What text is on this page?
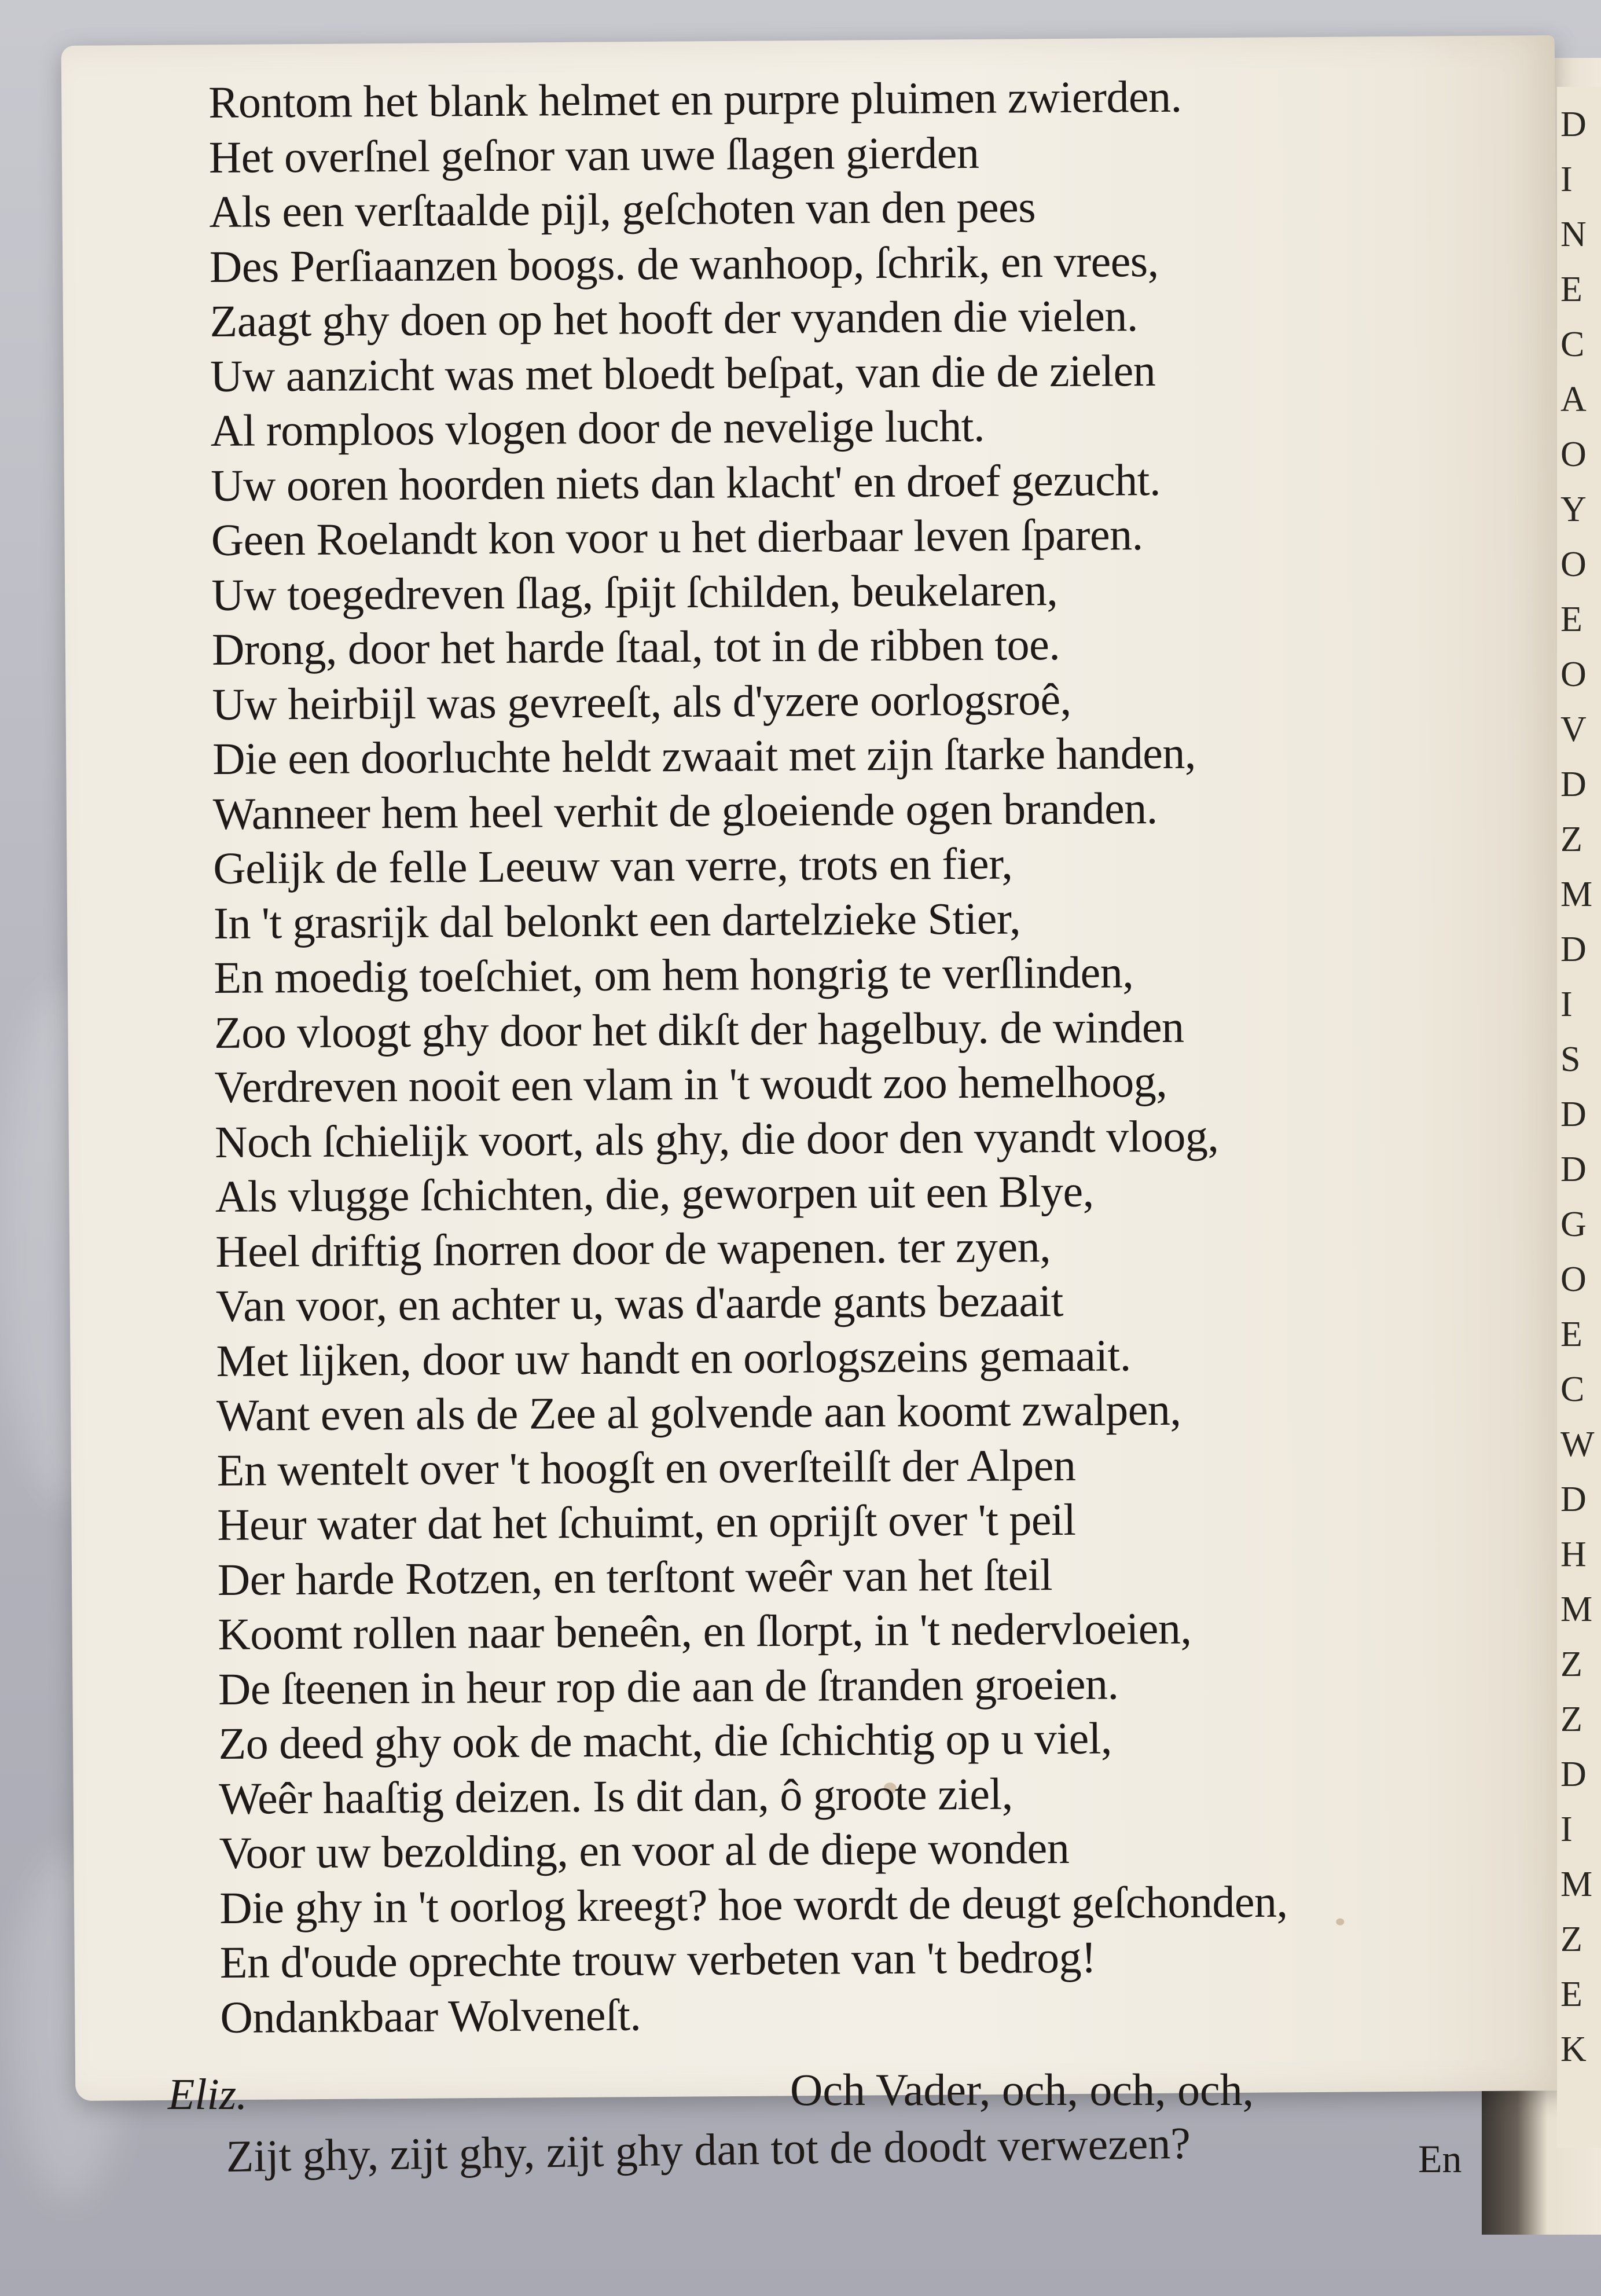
D
I
N
E
C
A
O
Y
O
E
O
V
D
Z
M
D
I
S
D
D
G
O
E
C
W
D
H
M
Z
Z
D
I
M
Z
E
K
Rontom het blank helmet en purpre pluimen zwierden.
Het overſnel geſnor van uwe ſlagen gierden
Als een verſtaalde pijl, geſchoten van den pees
Des Perſiaanzen boogs. de wanhoop, ſchrik, en vrees,
Zaagt ghy doen op het hooft der vyanden die vielen.
Uw aanzicht was met bloedt beſpat, van die de zielen
Al romploos vlogen door de nevelige lucht.
Uw ooren hoorden niets dan klacht' en droef gezucht.
Geen Roelandt kon voor u het dierbaar leven ſparen.
Uw toegedreven ſlag, ſpijt ſchilden, beukelaren,
Drong, door het harde ſtaal, tot in de ribben toe.
Uw heirbijl was gevreeſt, als d'yzere oorlogsroê,
Die een doorluchte heldt zwaait met zijn ſtarke handen,
Wanneer hem heel verhit de gloeiende ogen branden.
Gelijk de felle Leeuw van verre, trots en fier,
In 't grasrijk dal belonkt een dartelzieke Stier,
En moedig toeſchiet, om hem hongrig te verſlinden,
Zoo vloogt ghy door het dikſt der hagelbuy. de winden
Verdreven nooit een vlam in 't woudt zoo hemelhoog,
Noch ſchielijk voort, als ghy, die door den vyandt vloog,
Als vlugge ſchichten, die, geworpen uit een Blye,
Heel driftig ſnorren door de wapenen. ter zyen,
Van voor, en achter u, was d'aarde gants bezaait
Met lijken, door uw handt en oorlogszeins gemaait.
Want even als de Zee al golvende aan koomt zwalpen,
En wentelt over 't hoogſt en overſteilſt der Alpen
Heur water dat het ſchuimt, en oprijſt over 't peil
Der harde Rotzen, en terſtont weêr van het ſteil
Koomt rollen naar beneên, en ſlorpt, in 't nedervloeien,
De ſteenen in heur rop die aan de ſtranden groeien.
Zo deed ghy ook de macht, die ſchichtig op u viel,
Weêr haaſtig deizen. Is dit dan, ô groote ziel,
Voor uw bezolding, en voor al de diepe wonden
Die ghy in 't oorlog kreegt? hoe wordt de deugt geſchonden,
En d'oude oprechte trouw verbeten van 't bedrog!
Ondankbaar Wolveneſt.
Eliz.	Och Vader, och, och, och,
Zijt ghy, zijt ghy, zijt ghy dan tot de doodt verwezen?	En
